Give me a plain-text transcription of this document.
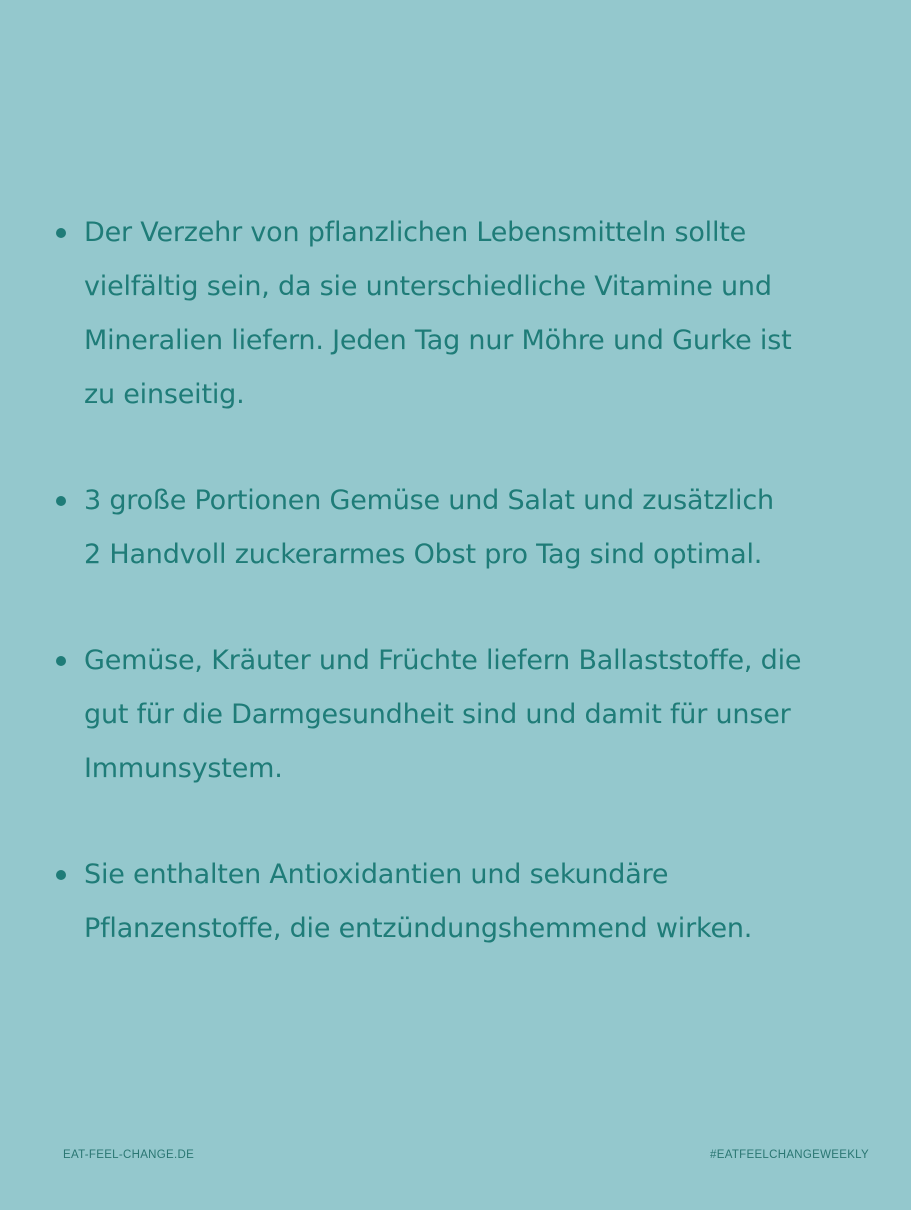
Der Verzehr von pflanzlichen Lebensmitteln sollte
vielfältig sein, da sie unterschiedliche Vitamine und
Mineralien liefern. Jeden Tag nur Möhre und Gurke ist
zu einseitig.
3 große Portionen Gemüse und Salat und zusätzlich
2 Handvoll zuckerarmes Obst pro Tag sind optimal.
Gemüse, Kräuter und Früchte liefern Ballaststoffe, die
gut für die Darmgesundheit sind und damit für unser
Immunsystem.
Sie enthalten Antioxidantien und sekundäre
Pflanzenstoffe, die entzündungshemmend wirken.
EAT-FEEL-CHANGE.DE	#EATFEELCHANGEWEEKLY
